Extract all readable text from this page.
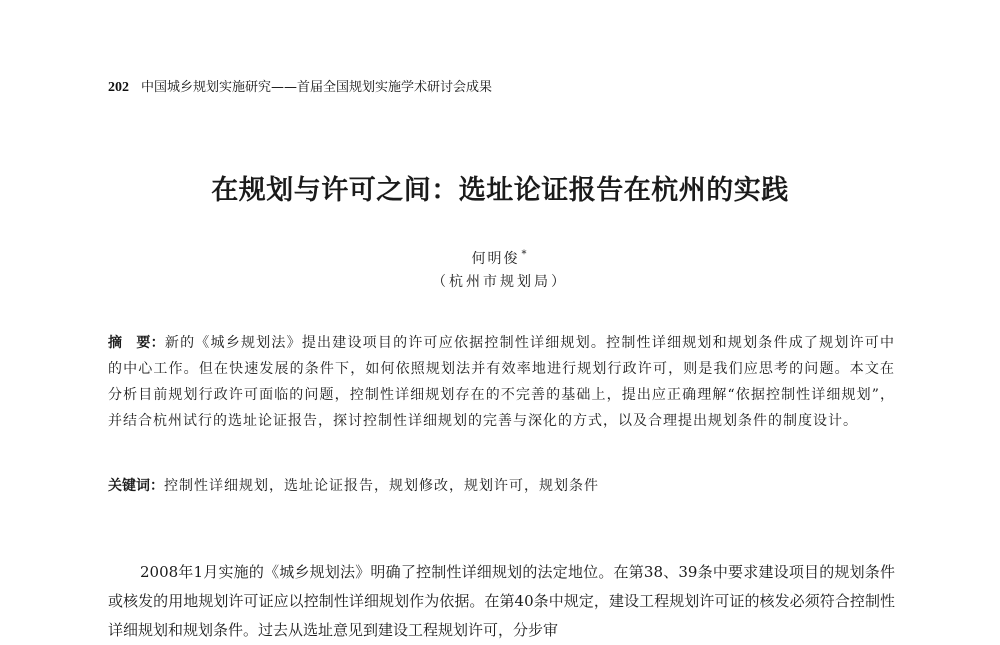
202 中国城乡规划实施研究——首届全国规划实施学术研讨会成果
在规划与许可之间：选址论证报告在杭州的实践
何明俊 *
（杭州市规划局）
摘　要：新的《城乡规划法》提出建设项目的许可应依据控制性详细规划。控制性详细规划和规划条件成了规划许可中的中心工作。但在快速发展的条件下，如何依照规划法并有效率地进行规划行政许可，则是我们应思考的问题。本文在分析目前规划行政许可面临的问题，控制性详细规划存在的不完善的基础上，提出应正确理解“依据控制性详细规划”，并结合杭州试行的选址论证报告，探讨控制性详细规划的完善与深化的方式，以及合理提出规划条件的制度设计。
关键词：控制性详细规划，选址论证报告，规划修改，规划许可，规划条件
2008年1月实施的《城乡规划法》明确了控制性详细规划的法定地位。在第38、39条中要求建设项目的规划条件或核发的用地规划许可证应以控制性详细规划作为依据。在第40条中规定，建设工程规划许可证的核发必须符合控制性详细规划和规划条件。过去从选址意见到建设工程规划许可，分步审
